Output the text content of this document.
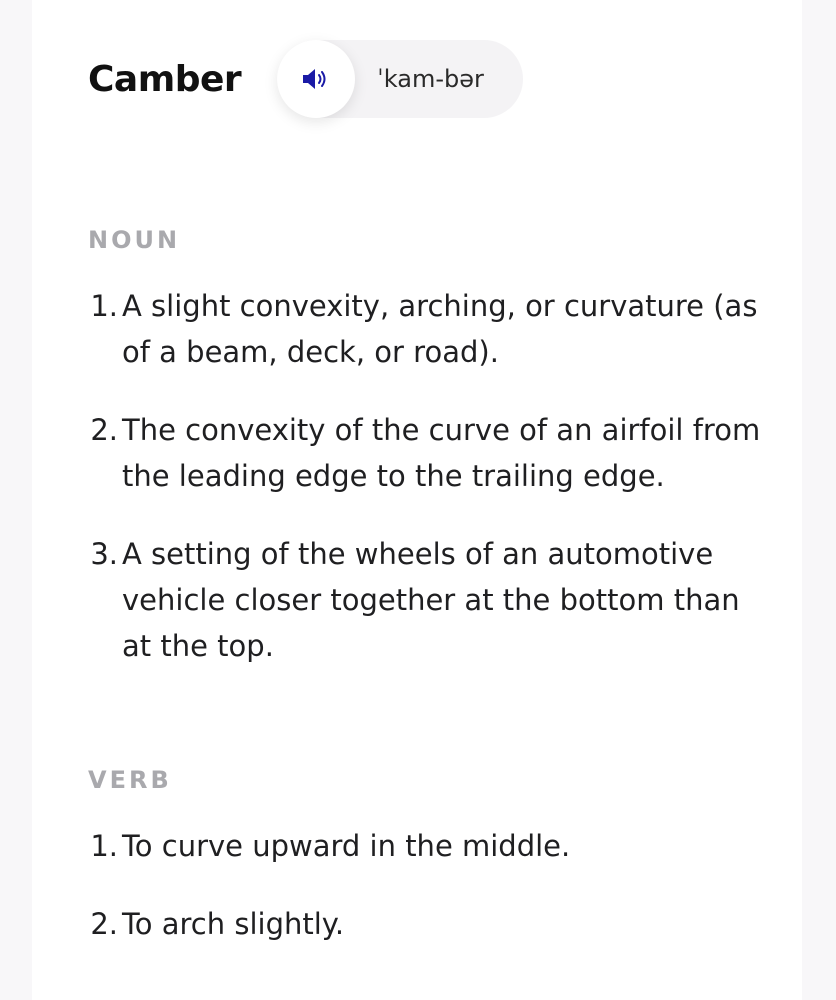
Camber	ˈkam-bər
NOUN
1. A slight convexity, arching, or curvature (as of a beam, deck, or road).
2. The convexity of the curve of an airfoil from the leading edge to the trailing edge.
3. A setting of the wheels of an automotive vehicle closer together at the bottom than at the top.
VERB
1. To curve upward in the middle.
2. To arch slightly.
